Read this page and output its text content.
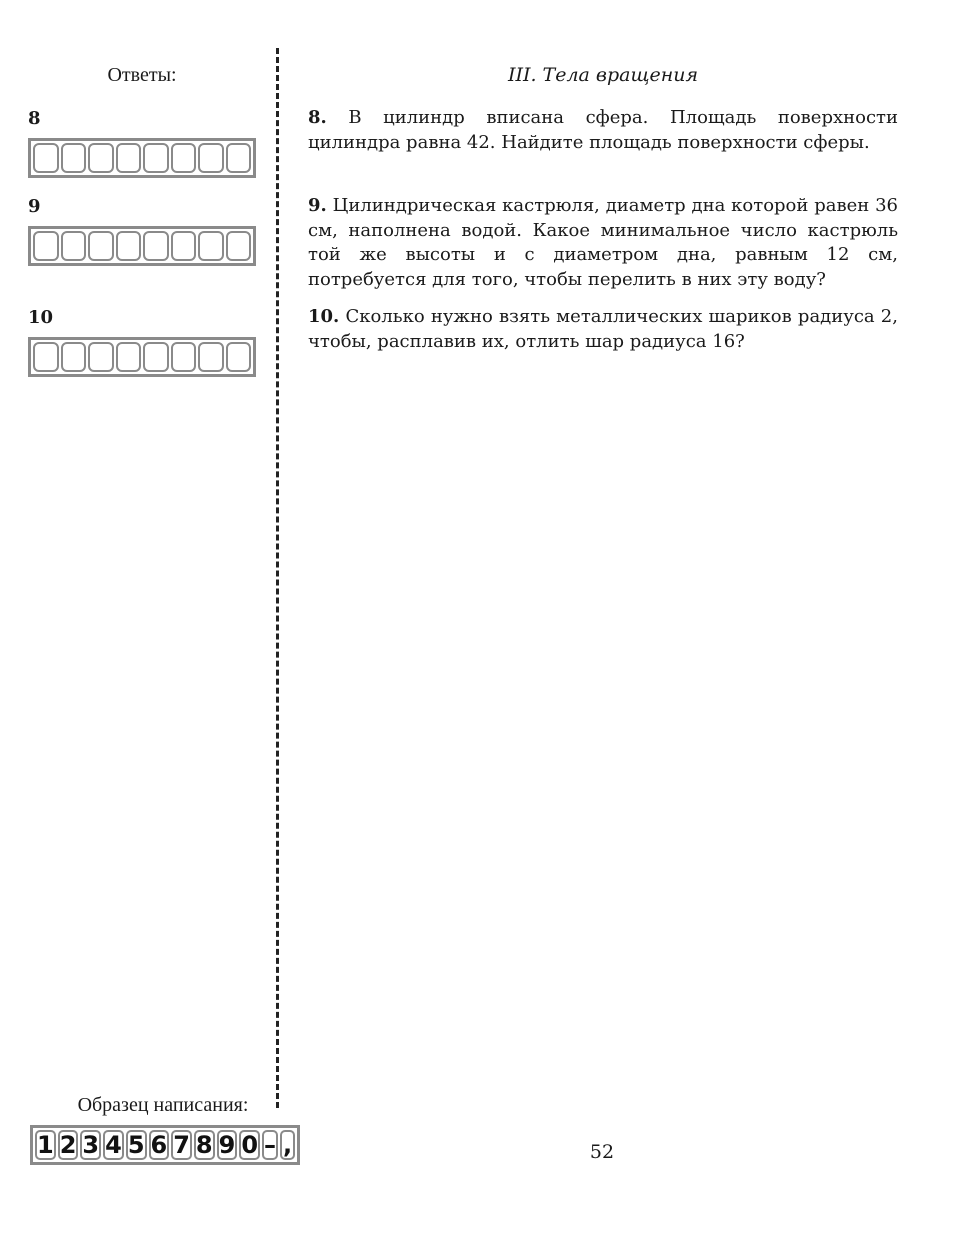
Ответы:	III. Тела вращения
8
9
10
8. В цилиндр вписана сфера. Площадь поверхности цилиндра равна 42. Найдите площадь поверхности сферы.
9. Цилиндрическая кастрюля, диаметр дна которой равен 36 см, наполнена водой. Какое минимальное число кастрюль той же высоты и с диаметром дна, равным 12 см, потребуется для того, чтобы перелить в них эту воду?
10. Сколько нужно взять металлических шариков радиуса 2, чтобы, расплавив их, отлить шар радиуса 16?
Образец написания:
1 2 3 4 5 6 7 8 9 0 – ,	52
